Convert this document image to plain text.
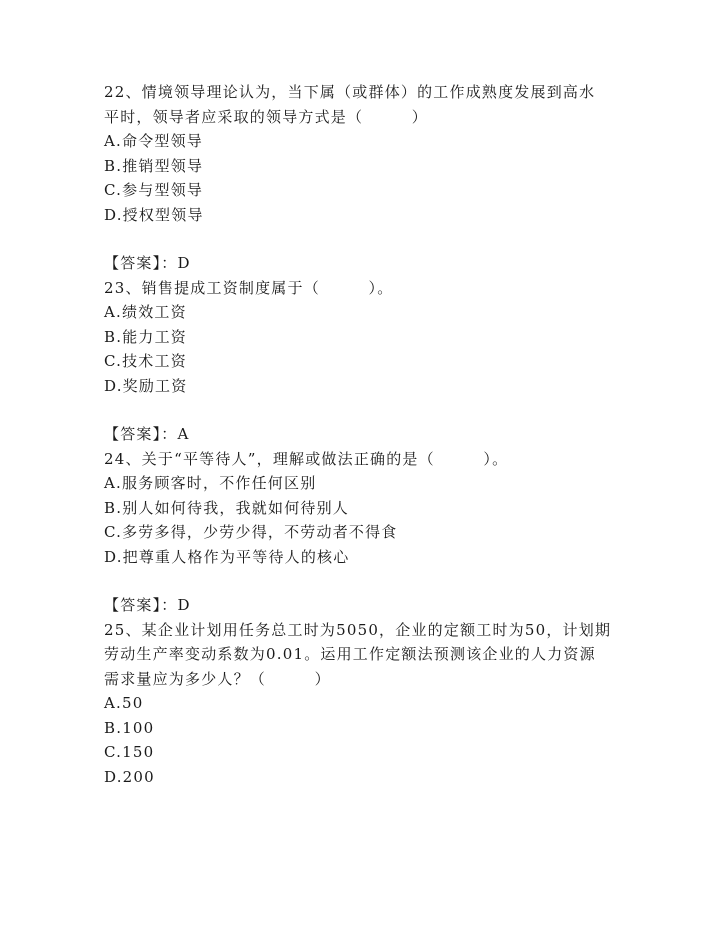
22、情境领导理论认为，当下属（或群体）的工作成熟度发展到高水
平时，领导者应采取的领导方式是（　　　）
A.命令型领导
B.推销型领导
C.参与型领导
D.授权型领导
【答案】：D
23、销售提成工资制度属于（　　　）。
A.绩效工资
B.能力工资
C.技术工资
D.奖励工资
【答案】：A
24、关于“平等待人”，理解或做法正确的是（　　　）。
A.服务顾客时，不作任何区别
B.别人如何待我，我就如何待别人
C.多劳多得，少劳少得，不劳动者不得食
D.把尊重人格作为平等待人的核心
【答案】：D
25、某企业计划用任务总工时为5050，企业的定额工时为50，计划期
劳动生产率变动系数为0.01。运用工作定额法预测该企业的人力资源
需求量应为多少人？（　　　）
A.50
B.100
C.150
D.200
